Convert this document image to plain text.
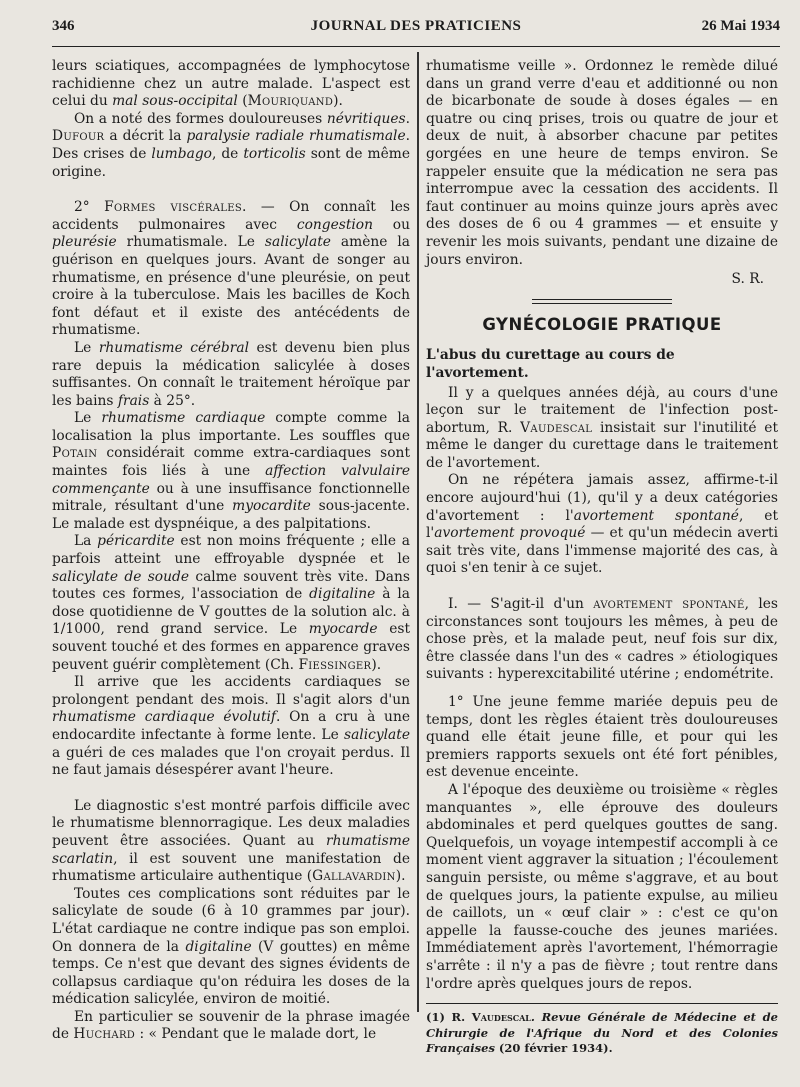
346	JOURNAL DES PRATICIENS	26 Mai 1934

leurs sciatiques, accompagnées de lymphocytose rachidienne chez un autre malade. L'aspect est celui du mal sous-occipital (Mouriquand).

On a noté des formes douloureuses névritiques. Dufour a décrit la paralysie radiale rhumatismale. Des crises de lumbago, de torticolis sont de même origine.

2° Formes viscérales. — On connaît les accidents pulmonaires avec congestion ou pleurésie rhumatismale. Le salicylate amène la guérison en quelques jours. Avant de songer au rhumatisme, en présence d'une pleurésie, on peut croire à la tuberculose. Mais les bacilles de Koch font défaut et il existe des antécédents de rhumatisme.

Le rhumatisme cérébral est devenu bien plus rare depuis la médication salicylée à doses suffisantes. On connaît le traitement héroïque par les bains frais à 25°.

Le rhumatisme cardiaque compte comme la localisation la plus importante. Les souffles que Potain considérait comme extra-cardiaques sont maintes fois liés à une affection valvulaire commençante ou à une insuffisance fonctionnelle mitrale, résultant d'une myocardite sous-jacente. Le malade est dyspnéique, a des palpitations.

La péricardite est non moins fréquente ; elle a parfois atteint une effroyable dyspnée et le salicylate de soude calme souvent très vite. Dans toutes ces formes, l'association de digitaline à la dose quotidienne de V gouttes de la solution alc. à 1/1000, rend grand service. Le myocarde est souvent touché et des formes en apparence graves peuvent guérir complètement (Ch. Fiessinger).

Il arrive que les accidents cardiaques se prolongent pendant des mois. Il s'agit alors d'un rhumatisme cardiaque évolutif. On a cru à une endocardite infectante à forme lente. Le salicylate a guéri de ces malades que l'on croyait perdus. Il ne faut jamais désespérer avant l'heure.

Le diagnostic s'est montré parfois difficile avec le rhumatisme blennorragique. Les deux maladies peuvent être associées. Quant au rhumatisme scarlatin, il est souvent une manifestation de rhumatisme articulaire authentique (Gallavardin).

Toutes ces complications sont réduites par le salicylate de soude (6 à 10 grammes par jour). L'état cardiaque ne contre indique pas son emploi. On donnera de la digitaline (V gouttes) en même temps. Ce n'est que devant des signes évidents de collapsus cardiaque qu'on réduira les doses de la médication salicylée, environ de moitié.

En particulier se souvenir de la phrase imagée de Huchard : « Pendant que le malade dort, le

rhumatisme veille ». Ordonnez le remède dilué dans un grand verre d'eau et additionné ou non de bicarbonate de soude à doses égales — en quatre ou cinq prises, trois ou quatre de jour et deux de nuit, à absorber chacune par petites gorgées en une heure de temps environ. Se rappeler ensuite que la médication ne sera pas interrompue avec la cessation des accidents. Il faut continuer au moins quinze jours après avec des doses de 6 ou 4 grammes — et ensuite y revenir les mois suivants, pendant une dizaine de jours environ.

S. R.
GYNÉCOLOGIE PRATIQUE
L'abus du curettage au cours de l'avortement.

Il y a quelques années déjà, au cours d'une leçon sur le traitement de l'infection post-abortum, R. Vaudescal insistait sur l'inutilité et même le danger du curettage dans le traitement de l'avortement.

On ne répétera jamais assez, affirme-t-il encore aujourd'hui (1), qu'il y a deux catégories d'avortement : l'avortement spontané, et l'avortement provoqué — et qu'un médecin averti sait très vite, dans l'immense majorité des cas, à quoi s'en tenir à ce sujet.

I. — S'agit-il d'un avortement spontané, les circonstances sont toujours les mêmes, à peu de chose près, et la malade peut, neuf fois sur dix, être classée dans l'un des « cadres » étiologiques suivants : hyperexcitabilité utérine ; endométrite.

1° Une jeune femme mariée depuis peu de temps, dont les règles étaient très douloureuses quand elle était jeune fille, et pour qui les premiers rapports sexuels ont été fort pénibles, est devenue enceinte.

A l'époque des deuxième ou troisième « règles manquantes », elle éprouve des douleurs abdominales et perd quelques gouttes de sang. Quelquefois, un voyage intempestif accompli à ce moment vient aggraver la situation ; l'écoulement sanguin persiste, ou même s'aggrave, et au bout de quelques jours, la patiente expulse, au milieu de caillots, un « œuf clair » : c'est ce qu'on appelle la fausse-couche des jeunes mariées. Immédiatement après l'avortement, l'hémorragie s'arrête : il n'y a pas de fièvre ; tout rentre dans l'ordre après quelques jours de repos.

(1) R. Vaudescal. Revue Générale de Médecine et de Chirurgie de l'Afrique du Nord et des Colonies Françaises (20 février 1934).
